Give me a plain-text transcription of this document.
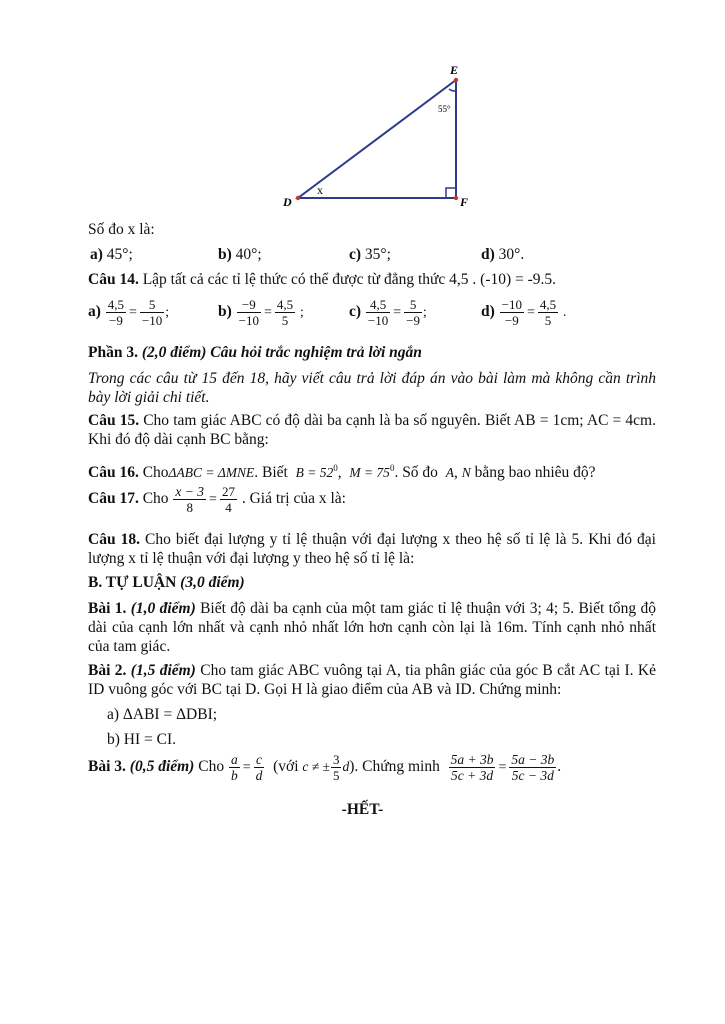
E
D	F
55°
x
Số đo x là:
a) 45°;	b) 40°;	c) 35°;	d) 30°.
Câu 14. Lập tất cả các tỉ lệ thức có thể được từ đẳng thức 4,5 . (-10) = -9.5.
$a) \frac{4,5}{-9} = \frac{5}{-10}$ ;	$b) \frac{-9}{-10} = \frac{4,5}{5}$ ;	$c) \frac{4,5}{-10} = \frac{5}{-9}$ ;	$d) \frac{-10}{-9} = \frac{4,5}{5}$ .
Phần 3. (2,0 điểm) Câu hỏi trắc nghiệm trả lời ngắn
Trong các câu từ 15 đến 18, hãy viết câu trả lời đáp án vào bài làm mà không cần trình bày lời giải chi tiết.
Câu 15. Cho tam giác ABC có độ dài ba cạnh là ba số nguyên. Biết AB = 1cm; AC = 4cm. Khi đó độ dài cạnh BC bằng:
Câu 16. ChoΔABC = ΔMNE. Biết $B = 52^0$, $M = 75^0$. Số đo A, N bằng bao nhiêu độ?
Câu 17. Cho $\frac{x - 3}{8} = \frac{27}{4}$ . Giá trị của x là:
Câu 18. Cho biết đại lượng y tỉ lệ thuận với đại lượng x theo hệ số tỉ lệ là 5. Khi đó đại lượng x tỉ lệ thuận với đại lượng y theo hệ số tỉ lệ là:
B. TỰ LUẬN (3,0 điểm)
Bài 1. (1,0 điểm) Biết độ dài ba cạnh của một tam giác tỉ lệ thuận với 3; 4; 5. Biết tổng độ dài của cạnh lớn nhất và cạnh nhỏ nhất lớn hơn cạnh còn lại là 16m. Tính cạnh nhỏ nhất của tam giác.
Bài 2. (1,5 điểm) Cho tam giác ABC vuông tại A, tia phân giác của góc B cắt AC tại I. Kẻ ID vuông góc với BC tại D. Gọi H là giao điểm của AB và ID. Chứng minh:
a) ΔABI = ΔDBI;
b) HI = CI.
Bài 3. (0,5 điểm) Cho $\frac{a}{b} = \frac{c}{d}$ (với c ≠ ± $\frac{3}{5} d$). Chứng minh $\frac{5a + 3b}{5c + 3d} = \frac{5a - 3b}{5c - 3d}$ .
-HẾT-
